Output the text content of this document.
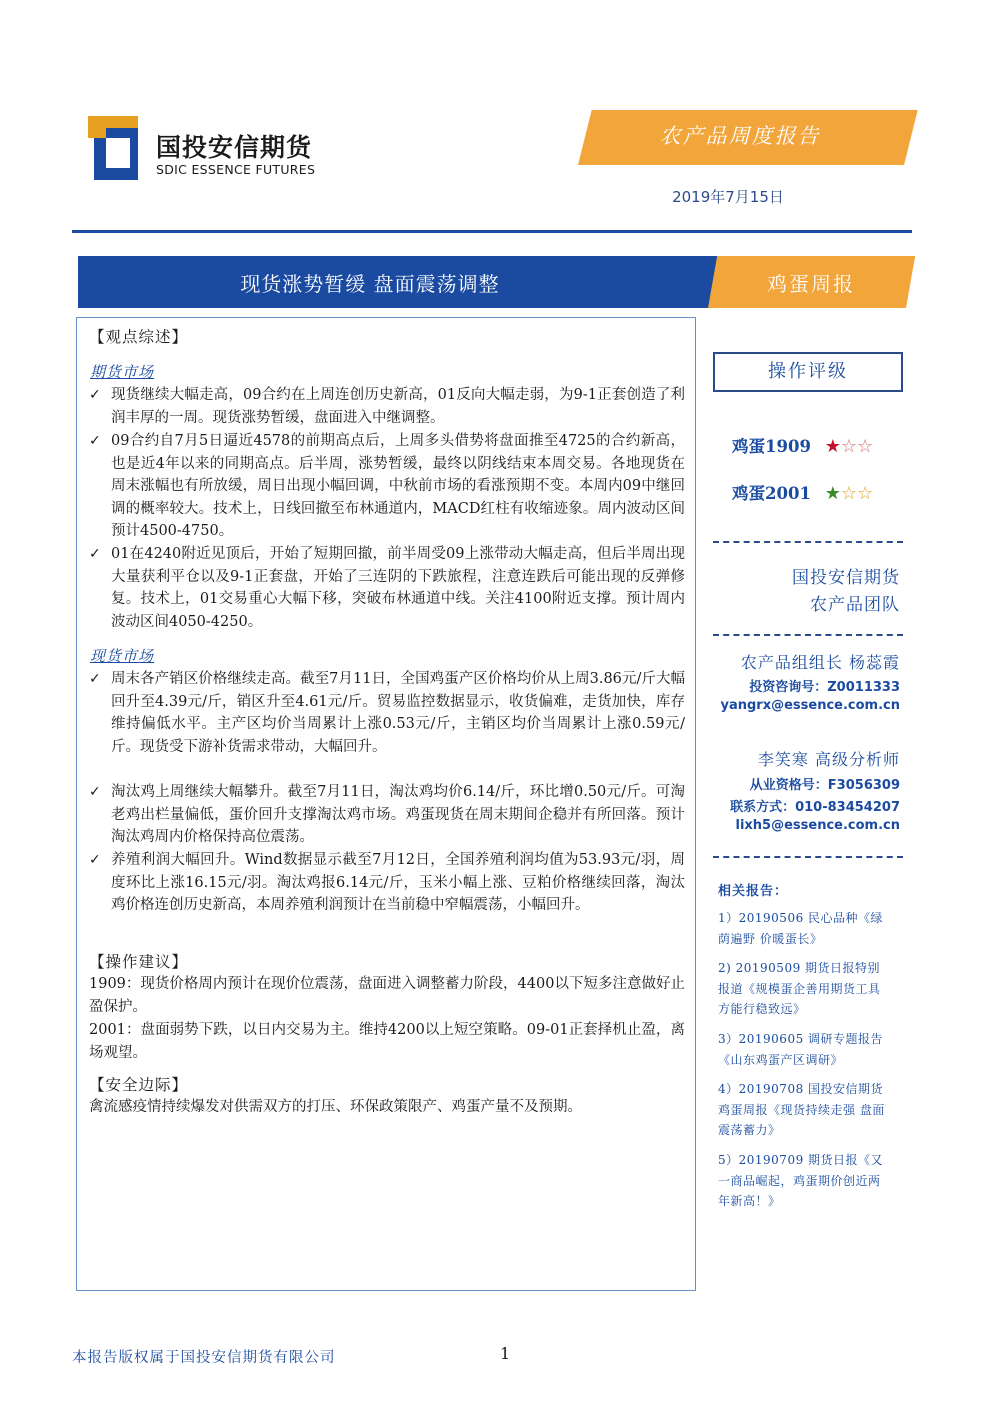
国投安信期货
SDIC ESSENCE FUTURES
农产品周度报告
2019年7月15日
现货涨势暂缓 盘面震荡调整	鸡蛋周报
【观点综述】
期货市场
✓ 现货继续大幅走高，09合约在上周连创历史新高，01反向大幅走弱，为9-1正套创造了利润丰厚的一周。现货涨势暂缓，盘面进入中继调整。
✓ 09合约自7月5日逼近4578的前期高点后，上周多头借势将盘面推至4725的合约新高，也是近4年以来的同期高点。后半周，涨势暂缓，最终以阴线结束本周交易。各地现货在周末涨幅也有所放缓，周日出现小幅回调，中秋前市场的看涨预期不变。本周内09中继回调的概率较大。技术上，日线回撤至布林通道内，MACD红柱有收缩迹象。周内波动区间预计4500-4750。
✓ 01在4240附近见顶后，开始了短期回撤，前半周受09上涨带动大幅走高，但后半周出现大量获利平仓以及9-1正套盘，开始了三连阴的下跌旅程，注意连跌后可能出现的反弹修复。技术上，01交易重心大幅下移，突破布林通道中线。关注4100附近支撑。预计周内波动区间4050-4250。
现货市场
✓ 周末各产销区价格继续走高。截至7月11日，全国鸡蛋产区价格均价从上周3.86元/斤大幅回升至4.39元/斤，销区升至4.61元/斤。贸易监控数据显示，收货偏难，走货加快，库存维持偏低水平。主产区均价当周累计上涨0.53元/斤，主销区均价当周累计上涨0.59元/斤。现货受下游补货需求带动，大幅回升。
✓ 淘汰鸡上周继续大幅攀升。截至7月11日，淘汰鸡均价6.14/斤，环比增0.50元/斤。可淘老鸡出栏量偏低，蛋价回升支撑淘汰鸡市场。鸡蛋现货在周末期间企稳并有所回落。预计淘汰鸡周内价格保持高位震荡。
✓ 养殖利润大幅回升。Wind数据显示截至7月12日，全国养殖利润均值为53.93元/羽，周度环比上涨16.15元/羽。淘汰鸡报6.14元/斤，玉米小幅上涨、豆粕价格继续回落，淘汰鸡价格连创历史新高，本周养殖利润预计在当前稳中窄幅震荡，小幅回升。
【操作建议】
1909：现货价格周内预计在现价位震荡，盘面进入调整蓄力阶段，4400以下短多注意做好止盈保护。
2001：盘面弱势下跌，以日内交易为主。维持4200以上短空策略。09-01正套择机止盈，离场观望。
【安全边际】
禽流感疫情持续爆发对供需双方的打压、环保政策限产、鸡蛋产量不及预期。
操作评级
鸡蛋1909 ★☆☆
鸡蛋2001 ★☆☆
国投安信期货
农产品团队
农产品组组长 杨蕊霞
投资咨询号：Z0011333
yangrx@essence.com.cn
李笑寒 高级分析师
从业资格号：F3056309
联系方式：010-83454207
lixh5@essence.com.cn
相关报告：
1）20190506 民心品种《绿荫遍野 价暖蛋长》
2) 20190509 期货日报特别报道《规模蛋企善用期货工具方能行稳致远》
3）20190605 调研专题报告《山东鸡蛋产区调研》
4）20190708 国投安信期货鸡蛋周报《现货持续走强 盘面震荡蓄力》
5）20190709 期货日报《又一商品崛起，鸡蛋期价创近两年新高！》
本报告版权属于国投安信期货有限公司	1
